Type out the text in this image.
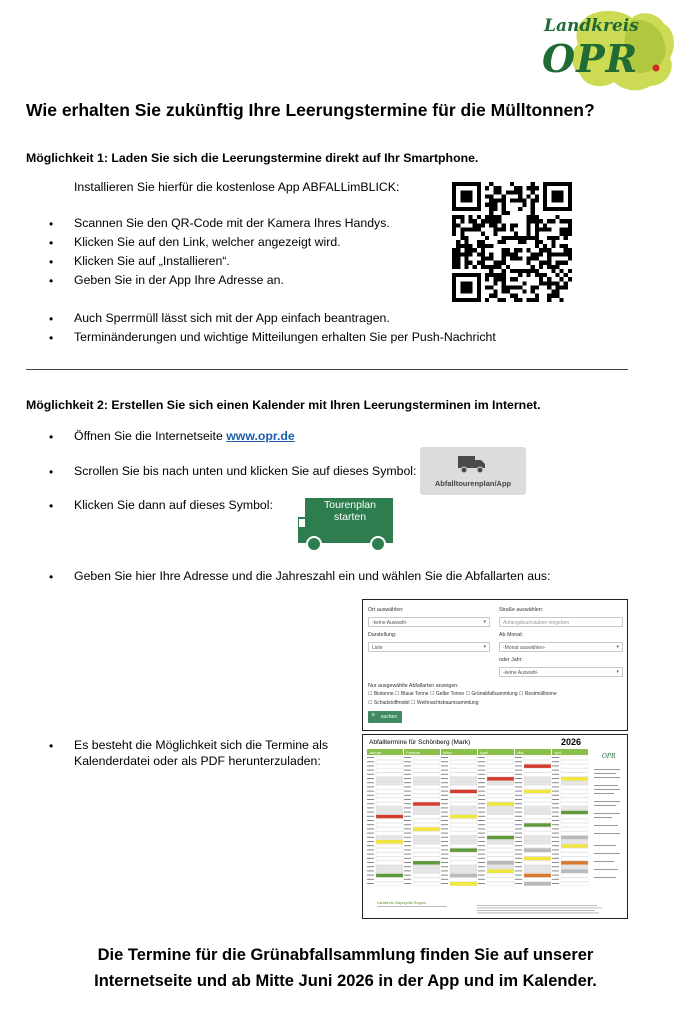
Landkreis
OPR
Wie erhalten Sie zukünftig Ihre Leerungstermine für die Mülltonnen?
Möglichkeit 1: Laden Sie sich die Leerungstermine direkt auf Ihr Smartphone.
Installieren Sie hierfür die kostenlose App ABFALLimBLICK:
• Scannen Sie den QR-Code mit der Kamera Ihres Handys.
• Klicken Sie auf den Link, welcher angezeigt wird.
• Klicken Sie auf „Installieren“.
• Geben Sie in der App Ihre Adresse an.
• Auch Sperrmüll lässt sich mit der App einfach beantragen.
• Terminänderungen und wichtige Mitteilungen erhalten Sie per Push-Nachricht
Möglichkeit 2: Erstellen Sie sich einen Kalender mit Ihren Leerungsterminen im Internet.
• Öffnen Sie die Internetseite www.opr.de
• Scrollen Sie bis nach unten und klicken Sie auf dieses Symbol:
Abfalltourenplan/App
• Klicken Sie dann auf dieses Symbol:	Tourenplan
starten
• Geben Sie hier Ihre Adresse und die Jahreszahl ein und wählen Sie die Abfallarten aus:
Ort auswählen:
-keine Auswahl-	▾
Straße auswählen:
Anfangsbuchstaben eingeben
Darstellung:
Liste	▾
Ab Monat:
-Monat auswählen-	▾
oder Jahr:
-keine Auswahl-	▾
Nur ausgewählte Abfallarten anzeigen:
☐ Biotonne ☐ Blaue Tonne ☐ Gelbe Tonne ☐ Grünabfallsammlung ☐ Restmülltonne
☐ SchadstoffmobiI ☐ Weihnachtsbaumsammlung
🔍 suchen
• Es besteht die Möglichkeit sich die Termine als
Kalenderdatei oder als PDF herunterzuladen:
Abfalltermine für Schönberg (Mark)	2026
Januar	Februar	März	April	Mai	Juni
OPR
Landkreis Ostprignitz-Ruppin
Die Termine für die Grünabfallsammlung finden Sie auf unserer
Internetseite und ab Mitte Juni 2026 in der App und im Kalender.
